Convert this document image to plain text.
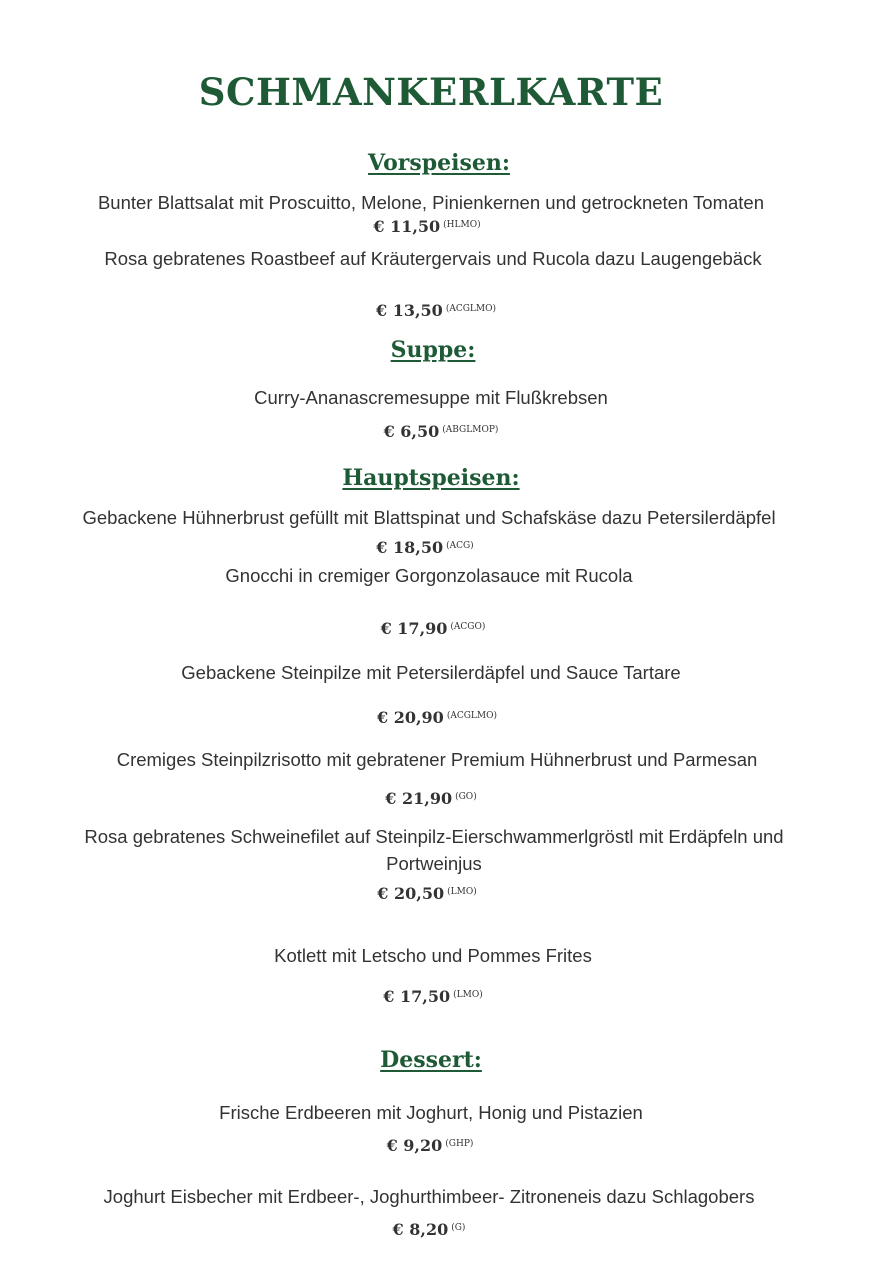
SCHMANKERLKARTE
Vorspeisen:
Bunter Blattsalat mit Proscuitto, Melone, Pinienkernen und getrockneten Tomaten
€ 11,50 $^{(HLMO)}$
Rosa gebratenes Roastbeef auf Kräutergervais und Rucola dazu Laugengebäck
€ 13,50 $^{(ACGLMO)}$
Suppe:
Curry-Ananascremesuppe mit Flußkrebsen
€ 6,50 $^{(ABGLMOP)}$
Hauptspeisen:
Gebackene Hühnerbrust gefüllt mit Blattspinat und Schafskäse dazu Petersilerdäpfel
€ 18,50 $^{(ACG)}$
Gnocchi in cremiger Gorgonzolasauce mit Rucola
€ 17,90 $^{(ACGO)}$
Gebackene Steinpilze mit Petersilerdäpfel und Sauce Tartare
€ 20,90 $^{(ACGLMO)}$
Cremiges Steinpilzrisotto mit gebratener Premium Hühnerbrust und Parmesan
€ 21,90 $^{(GO)}$
Rosa gebratenes Schweinefilet auf Steinpilz-Eierschwammerlgröstl mit Erdäpfeln und
Portweinjus
€ 20,50 $^{(LMO)}$
Kotlett mit Letscho und Pommes Frites
€ 17,50 $^{(LMO)}$
Dessert:
Frische Erdbeeren mit Joghurt, Honig und Pistazien
€ 9,20 $^{(GHP)}$
Joghurt Eisbecher mit Erdbeer-, Joghurthimbeer- Zitroneneis dazu Schlagobers
€ 8,20 $^{(G)}$
